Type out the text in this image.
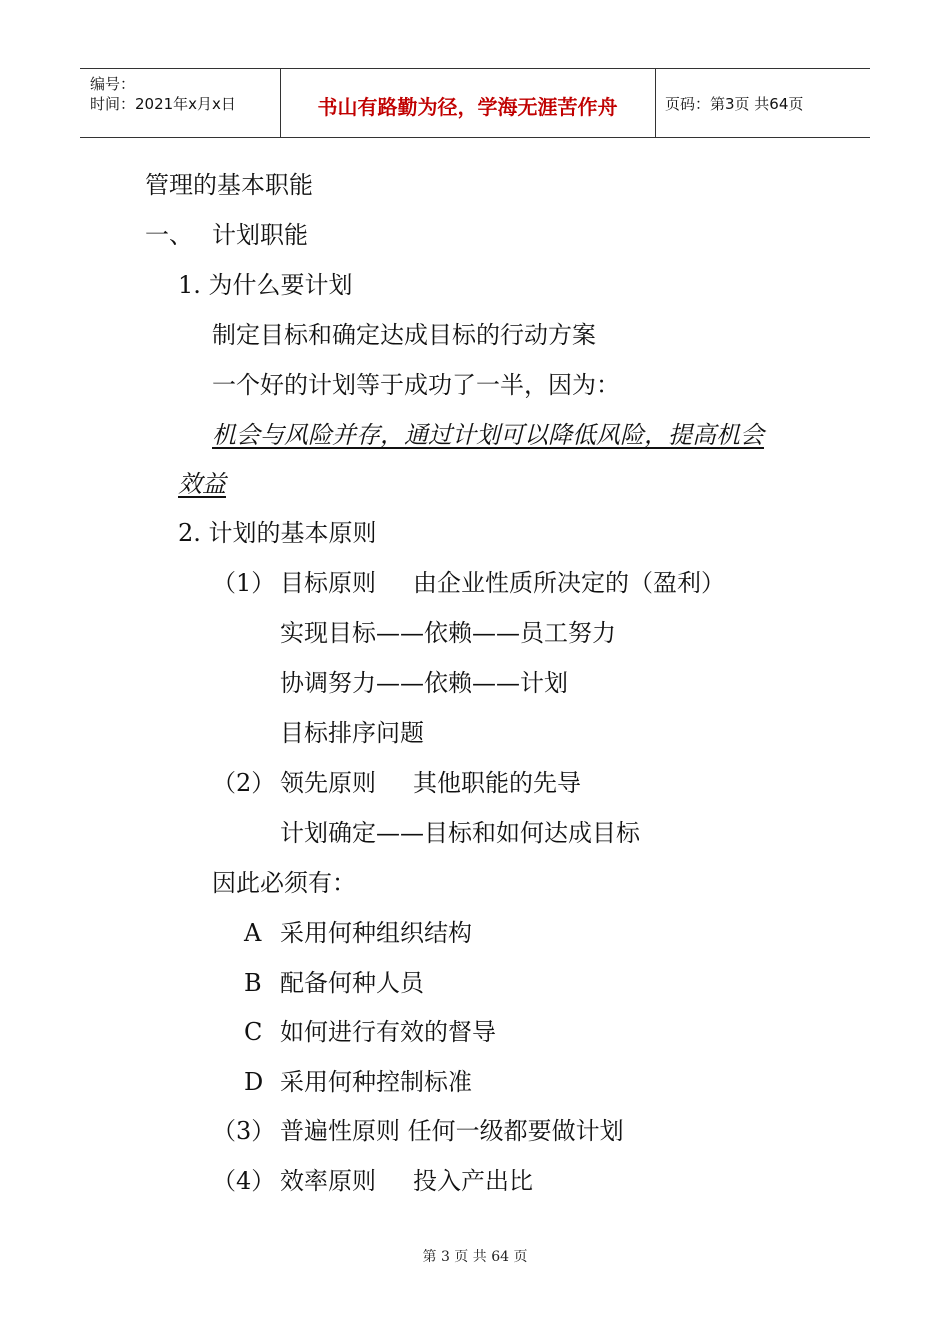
编号：
时间：2021年x月x日	书山有路勤为径，学海无涯苦作舟	页码：第3页 共64页
管理的基本职能
一、 计划职能
1. 为什么要计划
制定目标和确定达成目标的行动方案
一个好的计划等于成功了一半，因为：
机会与风险并存，通过计划可以降低风险，提高机会
效益
2. 计划的基本原则
（1） 目标原则 由企业性质所决定的（盈利）
实现目标——依赖——员工努力
协调努力——依赖——计划
目标排序问题
（2） 领先原则 其他职能的先导
计划确定——目标和如何达成目标
因此必须有：
A 采用何种组织结构
B 配备何种人员
C 如何进行有效的督导
D 采用何种控制标准
（3） 普遍性原则 任何一级都要做计划
（4） 效率原则 投入产出比
第 3 页 共 64 页
